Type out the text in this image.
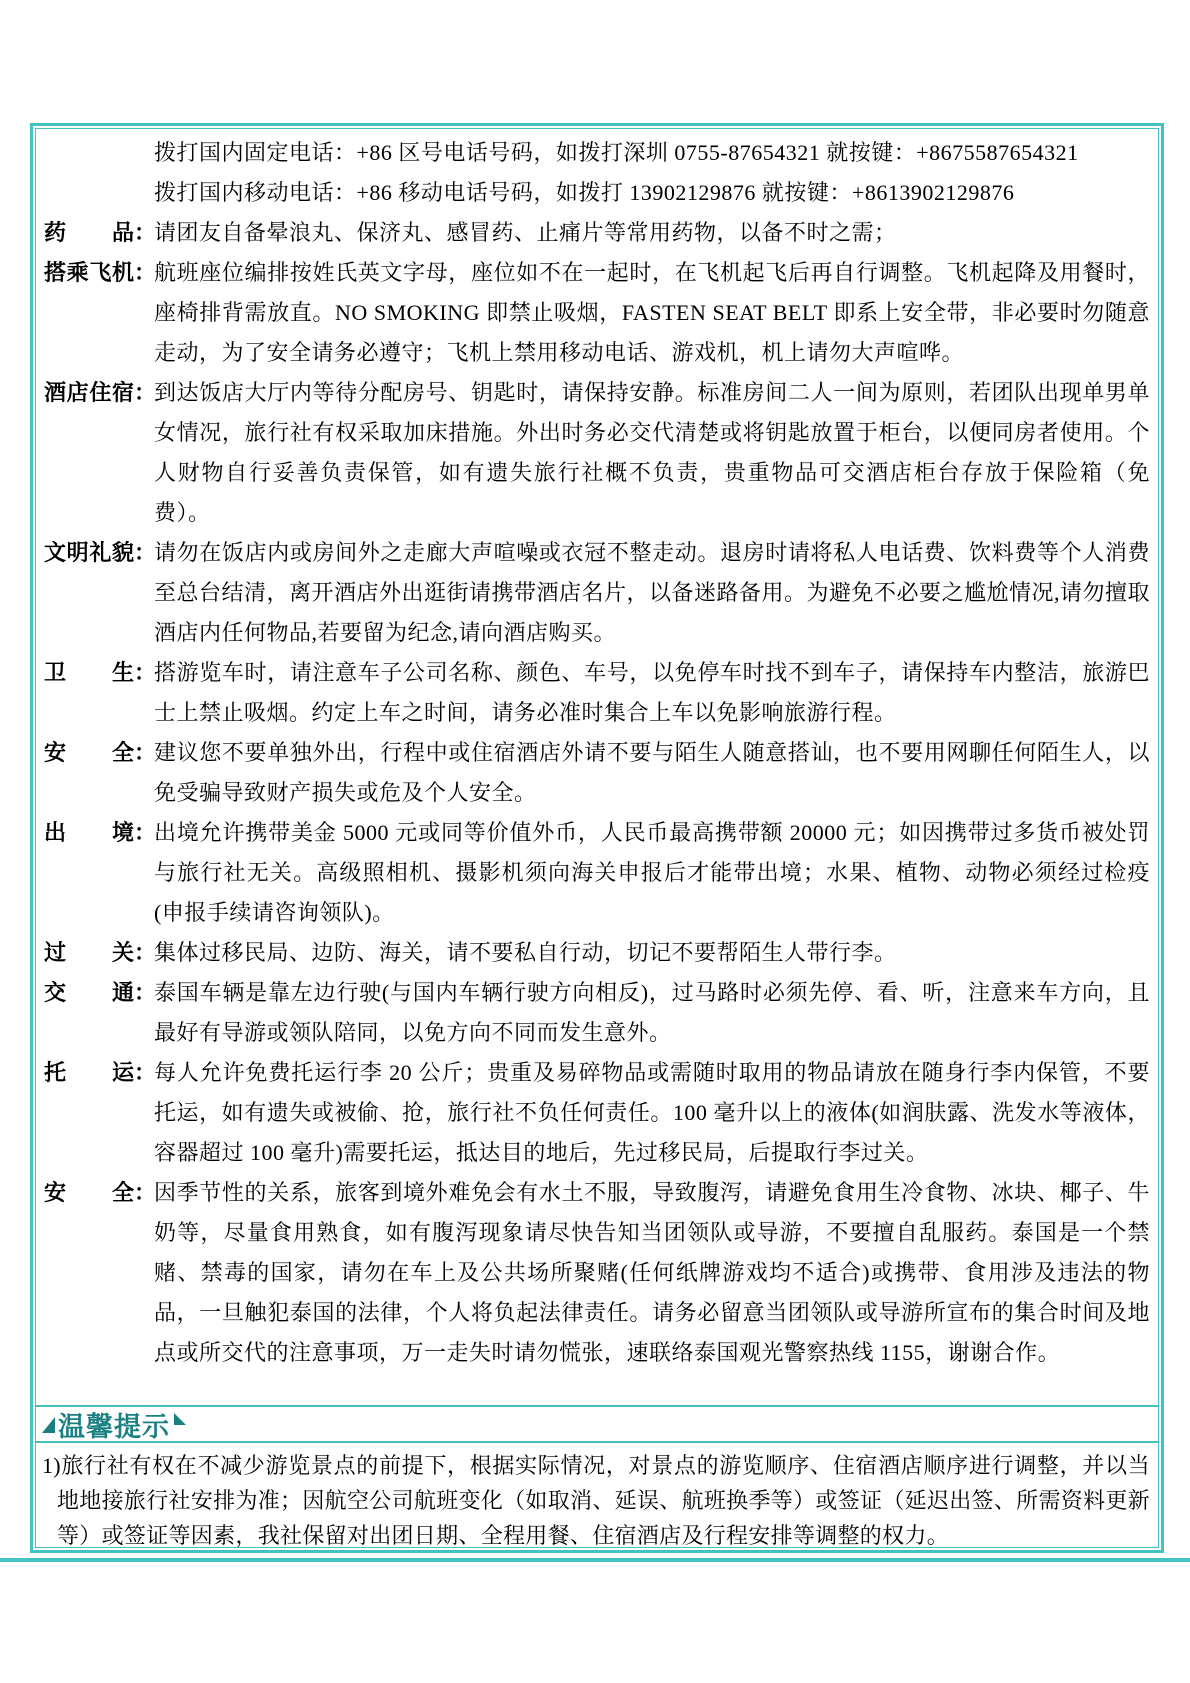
拨打国内固定电话：+86 区号电话号码，如拨打深圳 0755-87654321 就按键：+8675587654321
拨打国内移动电话：+86 移动电话号码，如拨打 13902129876 就按键：+8613902129876
药品：
请团友自备晕浪丸、保济丸、感冒药、止痛片等常用药物，以备不时之需；
搭乘飞机：
航班座位编排按姓氏英文字母，座位如不在一起时，在飞机起飞后再自行调整。飞机起降及用餐时，座椅排背需放直。NO SMOKING 即禁止吸烟，FASTEN SEAT BELT 即系上安全带，非必要时勿随意走动，为了安全请务必遵守；飞机上禁用移动电话、游戏机，机上请勿大声喧哗。
酒店住宿：
到达饭店大厅内等待分配房号、钥匙时，请保持安静。标准房间二人一间为原则，若团队出现单男单女情况，旅行社有权采取加床措施。外出时务必交代清楚或将钥匙放置于柜台，以便同房者使用。个人财物自行妥善负责保管，如有遗失旅行社概不负责，贵重物品可交酒店柜台存放于保险箱（免费）。
文明礼貌：
请勿在饭店内或房间外之走廊大声喧噪或衣冠不整走动。退房时请将私人电话费、饮料费等个人消费至总台结清，离开酒店外出逛街请携带酒店名片，以备迷路备用。为避免不必要之尴尬情况,请勿擅取酒店内任何物品,若要留为纪念,请向酒店购买。
卫生：
搭游览车时，请注意车子公司名称、颜色、车号，以免停车时找不到车子，请保持车内整洁，旅游巴士上禁止吸烟。约定上车之时间，请务必准时集合上车以免影响旅游行程。
安全：
建议您不要单独外出，行程中或住宿酒店外请不要与陌生人随意搭讪，也不要用网聊任何陌生人，以免受骗导致财产损失或危及个人安全。
出境：
出境允许携带美金 5000 元或同等价值外币，人民币最高携带额 20000 元；如因携带过多货币被处罚与旅行社无关。高级照相机、摄影机须向海关申报后才能带出境；水果、植物、动物必须经过检疫(申报手续请咨询领队)。
过关：
集体过移民局、边防、海关，请不要私自行动，切记不要帮陌生人带行李。
交通：
泰国车辆是靠左边行驶(与国内车辆行驶方向相反)，过马路时必须先停、看、听，注意来车方向，且最好有导游或领队陪同，以免方向不同而发生意外。
托运：
每人允许免费托运行李 20 公斤；贵重及易碎物品或需随时取用的物品请放在随身行李内保管，不要托运，如有遗失或被偷、抢，旅行社不负任何责任。100 毫升以上的液体(如润肤露、洗发水等液体，容器超过 100 毫升)需要托运，抵达目的地后，先过移民局，后提取行李过关。
安全：
因季节性的关系，旅客到境外难免会有水土不服，导致腹泻，请避免食用生冷食物、冰块、椰子、牛奶等，尽量食用熟食，如有腹泻现象请尽快告知当团领队或导游，不要擅自乱服药。泰国是一个禁赌、禁毒的国家，请勿在车上及公共场所聚赌(任何纸牌游戏均不适合)或携带、食用涉及违法的物品，一旦触犯泰国的法律，个人将负起法律责任。请务必留意当团领队或导游所宣布的集合时间及地点或所交代的注意事项，万一走失时请勿慌张，速联络泰国观光警察热线 1155，谢谢合作。
温馨提示

1)旅行社有权在不减少游览景点的前提下，根据实际情况，对景点的游览顺序、住宿酒店顺序进行调整，并以当地地接旅行社安排为准；因航空公司航班变化（如取消、延误、航班换季等）或签证（延迟出签、所需资料更新等）或签证等因素，我社保留对出团日期、全程用餐、住宿酒店及行程安排等调整的权力。
